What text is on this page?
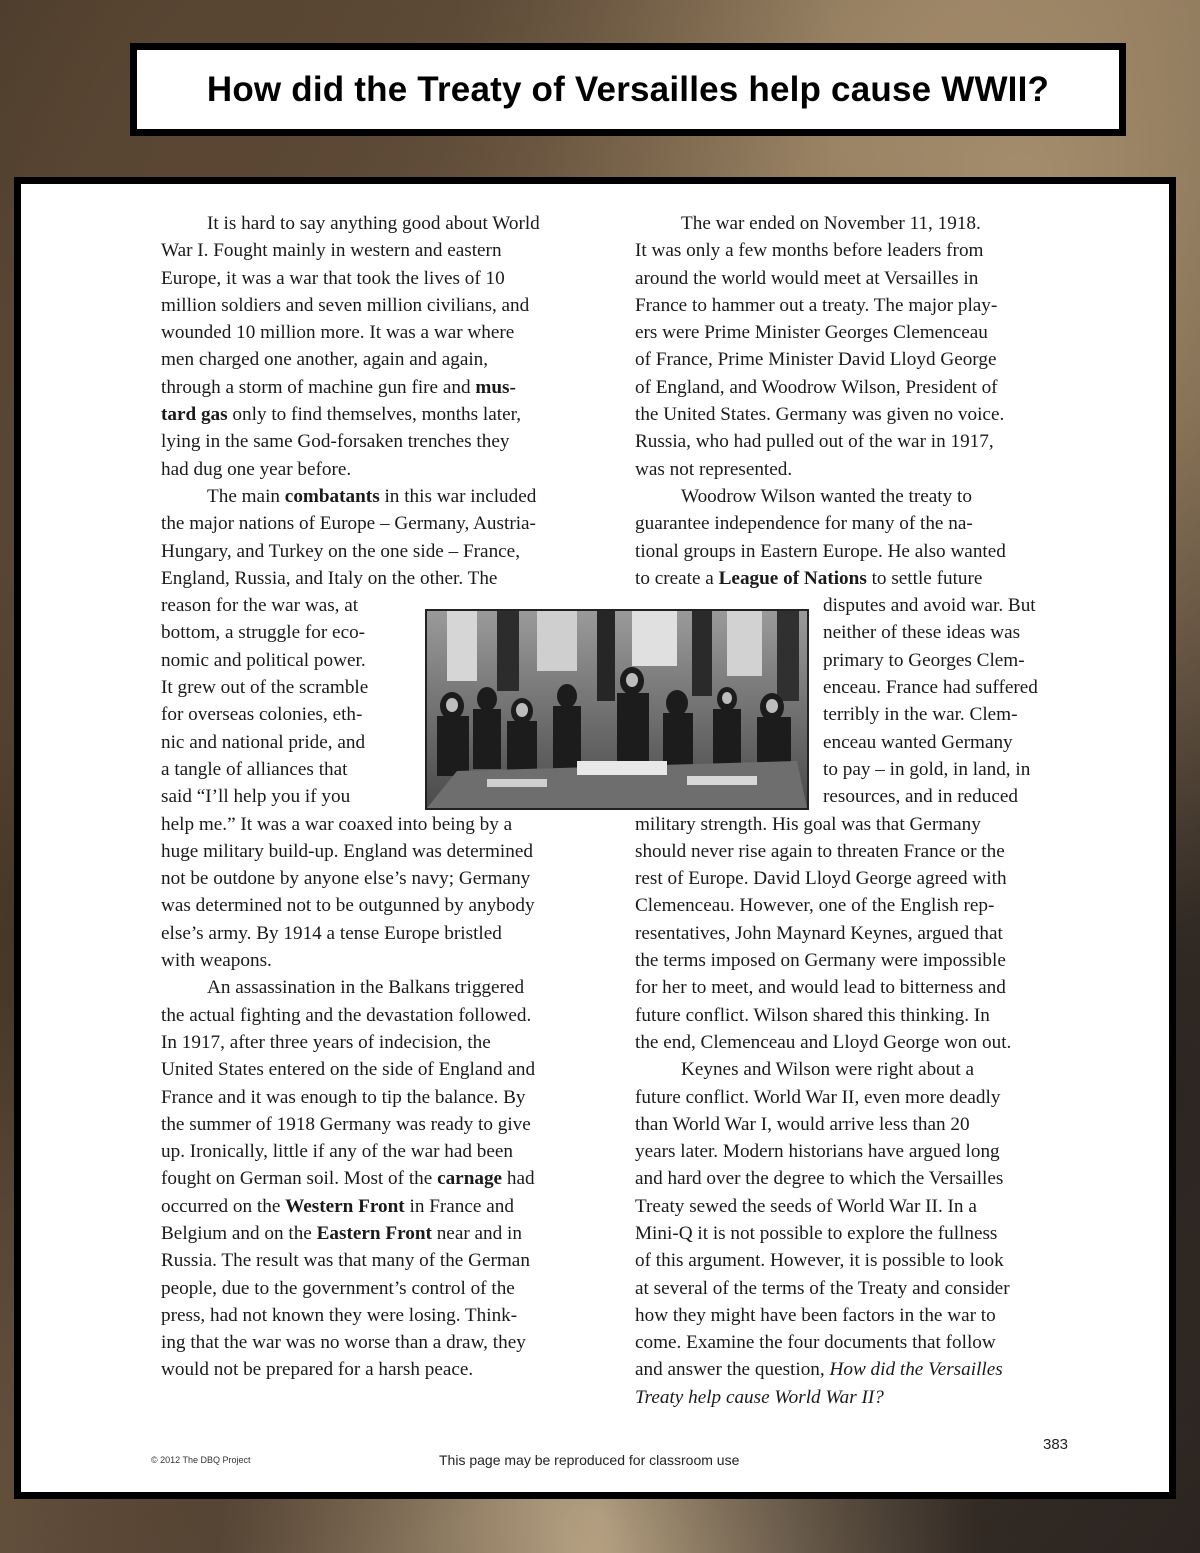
How did the Treaty of Versailles help cause WWII?

It is hard to say anything good about World
War I. Fought mainly in western and eastern
Europe, it was a war that took the lives of 10
million soldiers and seven million civilians, and
wounded 10 million more. It was a war where
men charged one another, again and again,
through a storm of machine gun fire and mus-
tard gas only to find themselves, months later,
lying in the same God-forsaken trenches they
had dug one year before.

The main combatants in this war included
the major nations of Europe – Germany, Austria-
Hungary, and Turkey on the one side – France,
England, Russia, and Italy on the other. The
reason for the war was, at
bottom, a struggle for eco-
nomic and political power.
It grew out of the scramble
for overseas colonies, eth-
nic and national pride, and
a tangle of alliances that
said “I’ll help you if you
help me.” It was a war coaxed into being by a
huge military build-up. England was determined
not be outdone by anyone else’s navy; Germany
was determined not to be outgunned by anybody
else’s army. By 1914 a tense Europe bristled
with weapons.

An assassination in the Balkans triggered
the actual fighting and the devastation followed.
In 1917, after three years of indecision, the
United States entered on the side of England and
France and it was enough to tip the balance. By
the summer of 1918 Germany was ready to give
up. Ironically, little if any of the war had been
fought on German soil. Most of the carnage had
occurred on the Western Front in France and
Belgium and on the Eastern Front near and in
Russia. The result was that many of the German
people, due to the government’s control of the
press, had not known they were losing. Think-
ing that the war was no worse than a draw, they
would not be prepared for a harsh peace.

The war ended on November 11, 1918.
It was only a few months before leaders from
around the world would meet at Versailles in
France to hammer out a treaty. The major play-
ers were Prime Minister Georges Clemenceau
of France, Prime Minister David Lloyd George
of England, and Woodrow Wilson, President of
the United States. Germany was given no voice.
Russia, who had pulled out of the war in 1917,
was not represented.

Woodrow Wilson wanted the treaty to
guarantee independence for many of the na-
tional groups in Eastern Europe. He also wanted
to create a League of Nations to settle future
disputes and avoid war. But
neither of these ideas was
primary to Georges Clem-
enceau. France had suffered
terribly in the war. Clem-
enceau wanted Germany
to pay – in gold, in land, in
resources, and in reduced
military strength. His goal was that Germany
should never rise again to threaten France or the
rest of Europe. David Lloyd George agreed with
Clemenceau. However, one of the English rep-
resentatives, John Maynard Keynes, argued that
the terms imposed on Germany were impossible
for her to meet, and would lead to bitterness and
future conflict. Wilson shared this thinking. In
the end, Clemenceau and Lloyd George won out.

Keynes and Wilson were right about a
future conflict. World War II, even more deadly
than World War I, would arrive less than 20
years later. Modern historians have argued long
and hard over the degree to which the Versailles
Treaty sewed the seeds of World War II. In a
Mini-Q it is not possible to explore the fullness
of this argument. However, it is possible to look
at several of the terms of the Treaty and consider
how they might have been factors in the war to
come. Examine the four documents that follow
and answer the question, How did the Versailles
Treaty help cause World War II?

© 2012 The DBQ Project	This page may be reproduced for classroom use
383
